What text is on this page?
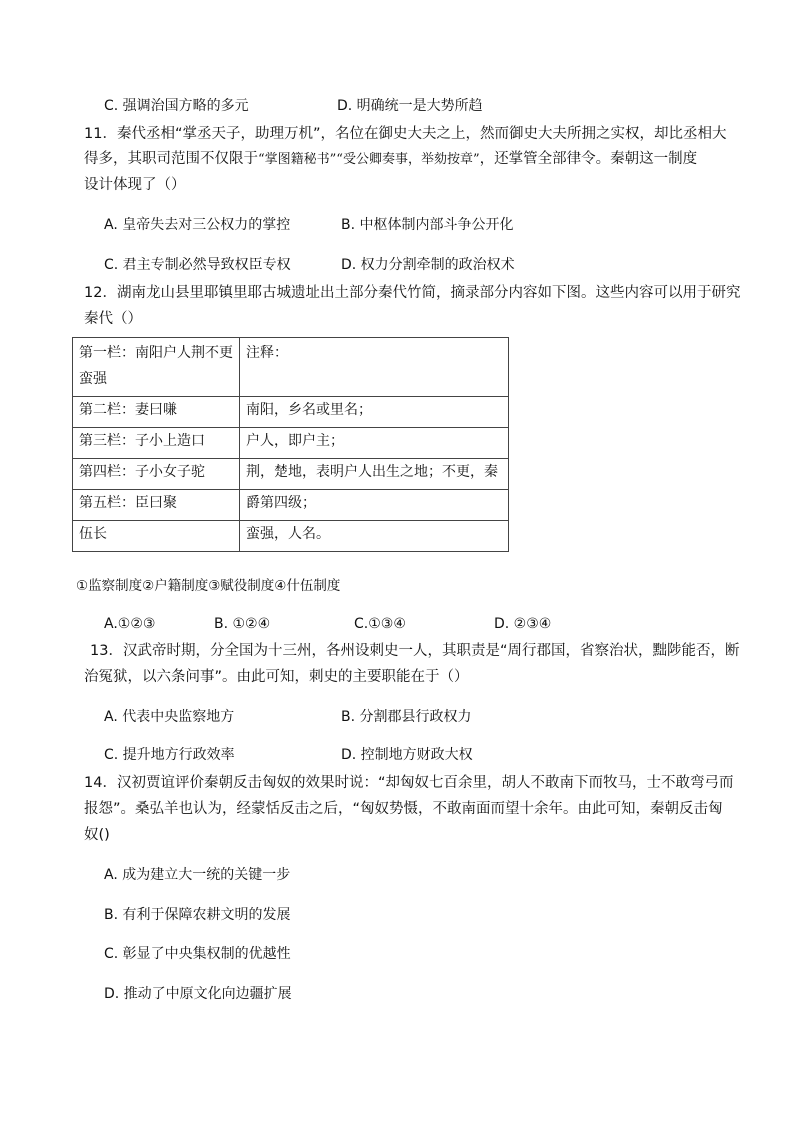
C. 强调治国方略的多元	D. 明确统一是大势所趋
11．秦代丞相“掌丞天子，助理万机”，名位在御史大夫之上，然而御史大夫所拥之实权，却比丞相大
得多，其职司范围不仅限于“掌图籍秘书”“受公卿奏事，举劾按章”，还掌管全部律令。秦朝这一制度
设计体现了（）
A. 皇帝失去对三公权力的掌控	B. 中枢体制内部斗争公开化
C. 君主专制必然导致权臣专权	D. 权力分割牵制的政治权术
12．湖南龙山县里耶镇里耶古城遗址出土部分秦代竹简，摘录部分内容如下图。这些内容可以用于研究
秦代（）
第一栏：南阳户人荆不更蛮强	注释：
第二栏：妻曰嗛	南阳，乡名或里名；
第三栏：子小上造口	户人，即户主；
第四栏：子小女子驼	荆，楚地，表明户人出生之地；不更，秦
第五栏：臣曰聚	爵第四级；
伍长	蛮强，人名。
①监察制度②户籍制度③赋役制度④什伍制度
A.①②③	B. ①②④	C.①③④	D. ②③④
13．汉武帝时期，分全国为十三州，各州设刺史一人，其职责是“周行郡国，省察治状，黜陟能否，断
治冤狱，以六条问事”。由此可知，刺史的主要职能在于（）
A. 代表中央监察地方	B. 分割郡县行政权力
C. 提升地方行政效率	D. 控制地方财政大权
14．汉初贾谊评价秦朝反击匈奴的效果时说：“却匈奴七百余里，胡人不敢南下而牧马，士不敢弯弓而
报怨”。桑弘羊也认为，经蒙恬反击之后，“匈奴势慑，不敢南面而望十余年。由此可知，秦朝反击匈
奴()
A. 成为建立大一统的关键一步
B. 有利于保障农耕文明的发展
C. 彰显了中央集权制的优越性
D. 推动了中原文化向边疆扩展
